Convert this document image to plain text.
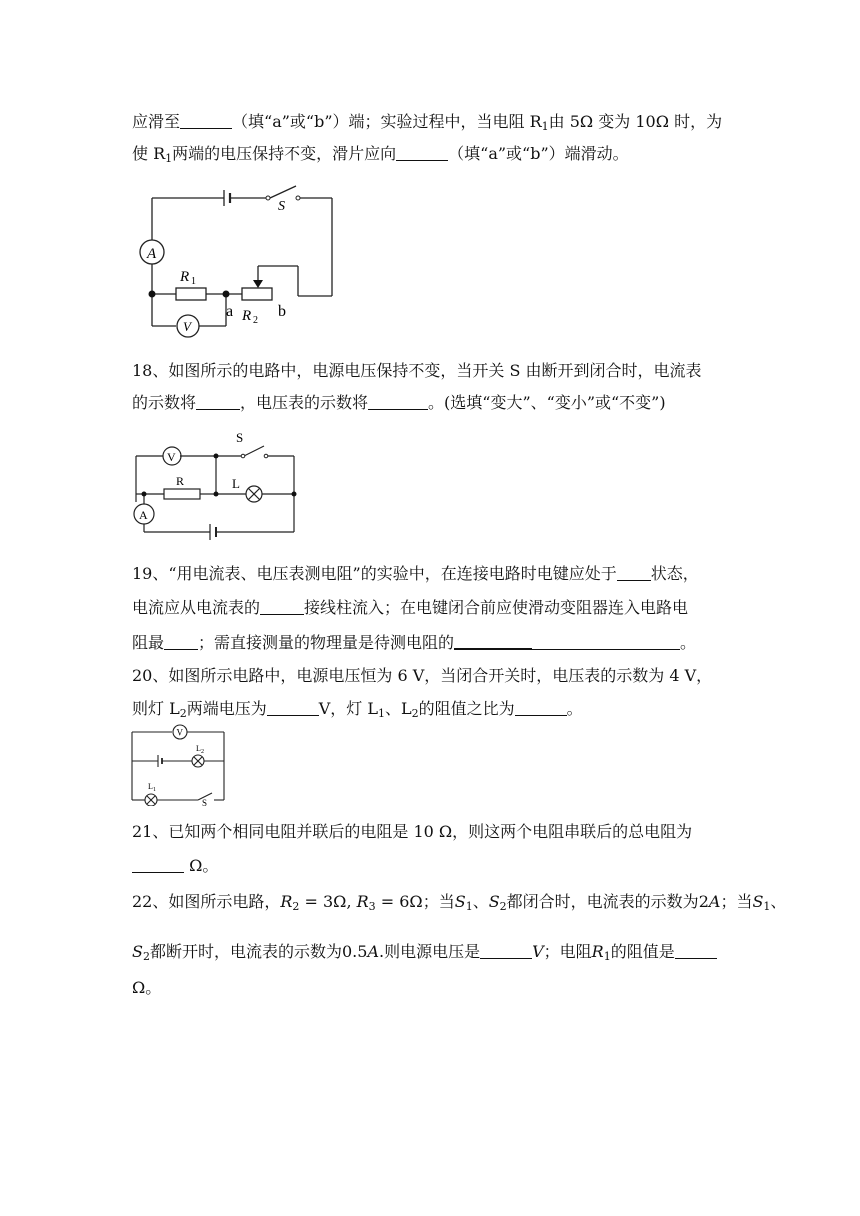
应滑至	（填“a”或“b”）端；实验过程中，当电阻 $R_1$由 5Ω 变为 10Ω 时，为
使 $R_1$两端的电压保持不变，滑片应向	（填“a”或“b”）端滑动。
A
V
S
R 1
R 2
a	b
18、如图所示的电路中，电源电压保持不变，当开关 S 由断开到闭合时，电流表
的示数将	，电压表的示数将	。(选填“变大”、“变小”或“不变”)
V
S
R	L
A
19、“用电流表、电压表测电阻”的实验中，在连接电路时电键应处于 状态，
电流应从电流表的	接线柱流入；在电键闭合前应使滑动变阻器连入电路电
阻最 ；需直接测量的物理量是待测电阻的	。
20、如图所示电路中，电源电压恒为 6 V，当闭合开关时，电压表的示数为 4 V，
则灯 $L_2$两端电压为	V，灯 $L_1$、$L_2$的阻值之比为	。
V
L 2
L 1
S
21、已知两个相同电阻并联后的电阻是 10 Ω，则这两个电阻串联后的总电阻为
Ω。
22、如图所示电路，$R_2 = 3\Omega$, $R_3 = 6\Omega$；当$S_1$、$S_2$都闭合时，电流表的示数为2A；当$S_1$、
$S_2$都断开时，电流表的示数为0.5A.则电源电压是	V；电阻$R_1$的阻值是
Ω。
